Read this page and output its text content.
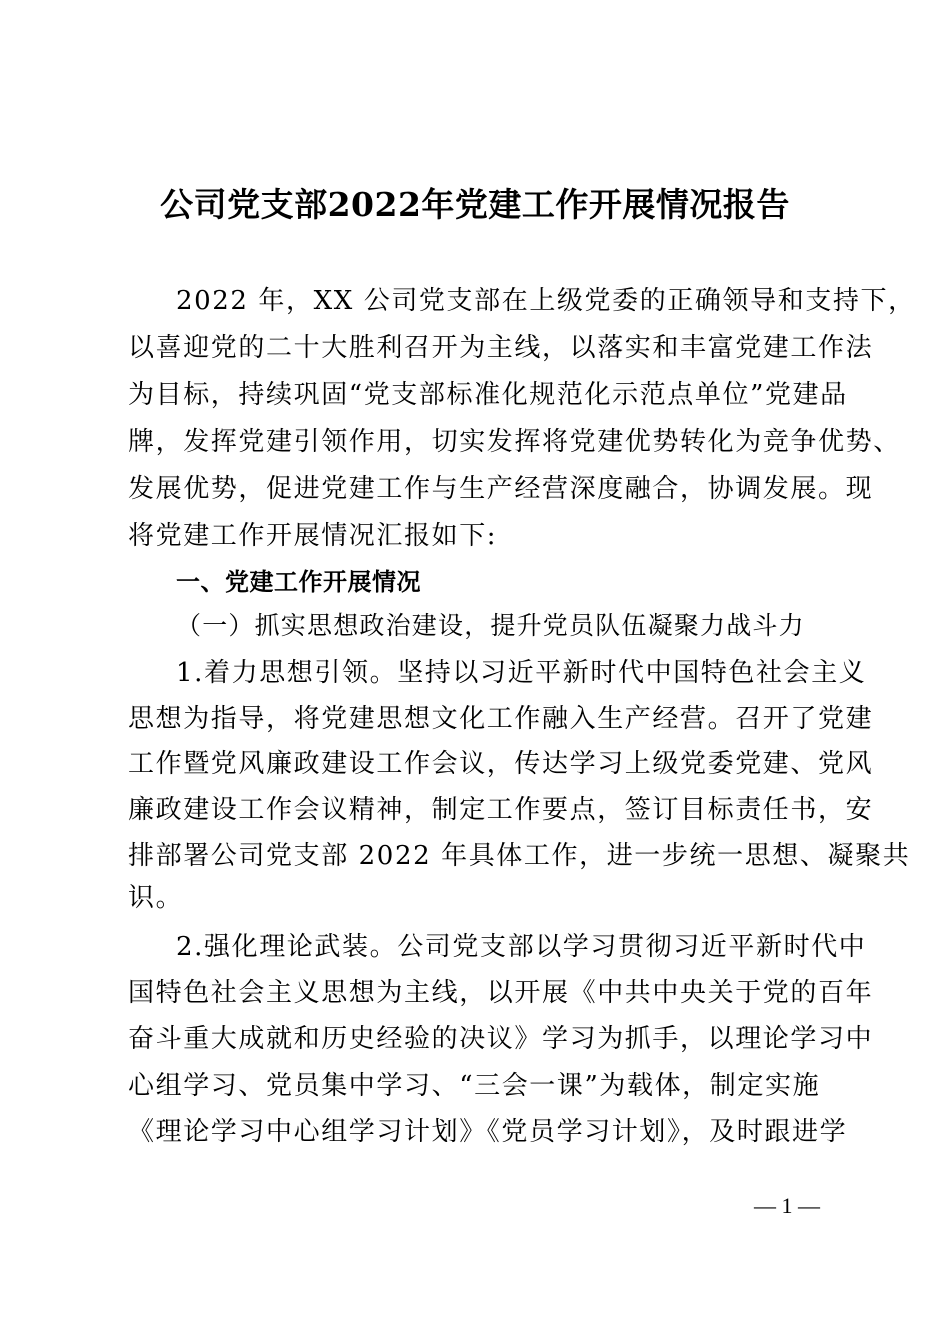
公司党支部2022年党建工作开展情况报告
2022 年，XX 公司党支部在上级党委的正确领导和支持下，
以喜迎党的二十大胜利召开为主线，以落实和丰富党建工作法
为目标，持续巩固“党支部标准化规范化示范点单位”党建品
牌，发挥党建引领作用，切实发挥将党建优势转化为竞争优势、
发展优势，促进党建工作与生产经营深度融合，协调发展。现
将党建工作开展情况汇报如下:
一、党建工作开展情况
（一）抓实思想政治建设，提升党员队伍凝聚力战斗力
1.着力思想引领。坚持以习近平新时代中国特色社会主义
思想为指导，将党建思想文化工作融入生产经营。召开了党建
工作暨党风廉政建设工作会议，传达学习上级党委党建、党风
廉政建设工作会议精神，制定工作要点，签订目标责任书，安
排部署公司党支部 2022 年具体工作，进一步统一思想、凝聚共
识。
2.强化理论武装。公司党支部以学习贯彻习近平新时代中
国特色社会主义思想为主线，以开展《中共中央关于党的百年
奋斗重大成就和历史经验的决议》学习为抓手，以理论学习中
心组学习、党员集中学习、“三会一课”为载体，制定实施
《理论学习中心组学习计划》《党员学习计划》，及时跟进学
— 1 —
